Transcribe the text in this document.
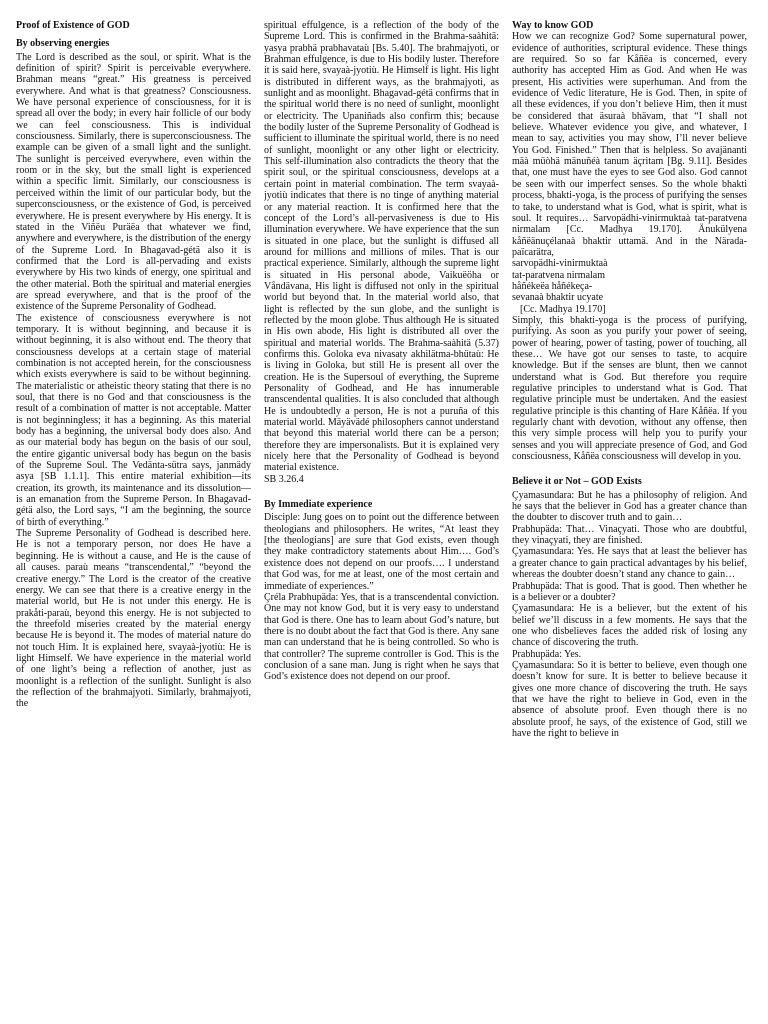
Proof of Existence of GOD
By observing energies

The Lord is described as the soul, or spirit. What is the definition of spirit? Spirit is perceivable everywhere. Brahman means “great.” His greatness is perceived everywhere. And what is that greatness? Consciousness. We have personal experience of consciousness, for it is spread all over the body; in every hair follicle of our body we can feel consciousness. This is individual consciousness. Similarly, there is superconsciousness. The example can be given of a small light and the sunlight. The sunlight is perceived everywhere, even within the room or in the sky, but the small light is experienced within a specific limit. Similarly, our consciousness is perceived within the limit of our particular body, but the superconsciousness, or the existence of God, is perceived everywhere. He is present everywhere by His energy. It is stated in the Viñëu Puräëa that whatever we find, anywhere and everywhere, is the distribution of the energy of the Supreme Lord. In Bhagavad-gétä also it is confirmed that the Lord is all-pervading and exists everywhere by His two kinds of energy, one spiritual and the other material. Both the spiritual and material energies are spread everywhere, and that is the proof of the existence of the Supreme Personality of Godhead.

The existence of consciousness everywhere is not temporary. It is without beginning, and because it is without beginning, it is also without end. The theory that consciousness develops at a certain stage of material combination is not accepted herein, for the consciousness which exists everywhere is said to be without beginning. The materialistic or atheistic theory stating that there is no soul, that there is no God and that consciousness is the result of a combination of matter is not acceptable. Matter is not beginningless; it has a beginning. As this material body has a beginning, the universal body does also. And as our material body has begun on the basis of our soul, the entire gigantic universal body has begun on the basis of the Supreme Soul. The Vedänta-sütra says, janmädy asya [SB 1.1.1]. This entire material exhibition—its creation, its growth, its maintenance and its dissolution—is an emanation from the Supreme Person. In Bhagavad-gétä also, the Lord says, “I am the beginning, the source of birth of everything.”

The Supreme Personality of Godhead is described here. He is not a temporary person, nor does He have a beginning. He is without a cause, and He is the cause of all causes. paraù means “transcendental,” “beyond the creative energy.” The Lord is the creator of the creative energy. We can see that there is a creative energy in the material world, but He is not under this energy. He is prakåti-paraù, beyond this energy. He is not subjected to the threefold miseries created by the material energy because He is beyond it. The modes of material nature do not touch Him. It is explained here, svayaà-jyotiù: He is light Himself. We have experience in the material world of one light’s being a reflection of another, just as moonlight is a reflection of the sunlight. Sunlight is also the reflection of the brahmajyoti. Similarly, brahmajyoti, the

spiritual effulgence, is a reflection of the body of the Supreme Lord. This is confirmed in the Brahma-saàhitä: yasya prabhä prabhavataù [Bs. 5.40]. The brahmajyoti, or Brahman effulgence, is due to His bodily luster. Therefore it is said here, svayaà-jyotiù. He Himself is light. His light is distributed in different ways, as the brahmajyoti, as sunlight and as moonlight. Bhagavad-gétä confirms that in the spiritual world there is no need of sunlight, moonlight or electricity. The Upaniñads also confirm this; because the bodily luster of the Supreme Personality of Godhead is sufficient to illuminate the spiritual world, there is no need of sunlight, moonlight or any other light or electricity. This self-illumination also contradicts the theory that the spirit soul, or the spiritual consciousness, develops at a certain point in material combination. The term svayaà-jyotiù indicates that there is no tinge of anything material or any material reaction. It is confirmed here that the concept of the Lord’s all-pervasiveness is due to His illumination everywhere. We have experience that the sun is situated in one place, but the sunlight is diffused all around for millions and millions of miles. That is our practical experience. Similarly, although the supreme light is situated in His personal abode, Vaikuëöha or Våndävana, His light is diffused not only in the spiritual world but beyond that. In the material world also, that light is reflected by the sun globe, and the sunlight is reflected by the moon globe. Thus although He is situated in His own abode, His light is distributed all over the spiritual and material worlds. The Brahma-saàhitä (5.37) confirms this. Goloka eva nivasaty akhilätma-bhütaù: He is living in Goloka, but still He is present all over the creation. He is the Supersoul of everything, the Supreme Personality of Godhead, and He has innumerable transcendental qualities. It is also concluded that although He is undoubtedly a person, He is not a puruña of this material world. Mäyävädé philosophers cannot understand that beyond this material world there can be a person; therefore they are impersonalists. But it is explained very nicely here that the Personality of Godhead is beyond material existence.

SB 3.26.4

By Immediate experience

Disciple: Jung goes on to point out the difference between theologians and philosophers. He writes, “At least they [the theologians] are sure that God exists, even though they make contradictory statements about Him…. God’s existence does not depend on our proofs…. I understand that God was, for me at least, one of the most certain and immediate of experiences.”

Çréla Prabhupäda: Yes, that is a transcendental conviction. One may not know God, but it is very easy to understand that God is there. One has to learn about God’s nature, but there is no doubt about the fact that God is there. Any sane man can understand that he is being controlled. So who is that controller? The supreme controller is God. This is the conclusion of a sane man. Jung is right when he says that God’s existence does not depend on our proof.

Way to know GOD

How we can recognize God? Some supernatural power, evidence of authorities, scriptural evidence. These things are required. So so far Kåñëa is concerned, every authority has accepted Him as God. And when He was present, His activities were superhuman. And from the evidence of Vedic literature, He is God. Then, in spite of all these evidences, if you don’t believe Him, then it must be considered that äsuraà bhävam, that “I shall not believe. Whatever evidence you give, and whatever, I mean to say, activities you may show, I’ll never believe You God. Finished.” Then that is helpless. So avajänanti mäà müòhä mänuñéà tanum äçritam [Bg. 9.11]. Besides that, one must have the eyes to see God also. God cannot be seen with our imperfect senses. So the whole bhakti process, bhakti-yoga, is the process of purifying the senses to take, to understand what is God, what is spirit, what is soul. It requires… Sarvopädhi-vinirmuktaà tat-paratvena nirmalam [Cc. Madhya 19.170]. Änukülyena kåñëänuçélanaà bhaktir uttamä. And in the Närada-païcarätra,

sarvopädhi-vinirmuktaà

tat-paratvena nirmalam

håñékeëa håñékeça-

sevanaà bhaktir ucyate

[Cc. Madhya 19.170]

Simply, this bhakti-yoga is the process of purifying, purifying. As soon as you purify your power of seeing, power of hearing, power of tasting, power of touching, all these… We have got our senses to taste, to acquire knowledge. But if the senses are blunt, then we cannot understand what is God. But therefore you require regulative principles to understand what is God. That regulative principle must be undertaken. And the easiest regulative principle is this chanting of Hare Kåñëa. If you regularly chant with devotion, without any offense, then this very simple process will help you to purify your senses and you will appreciate presence of God, and God consciousness, Kåñëa consciousness will develop in you.

Believe it or Not – GOD Exists

Çyamasundara: But he has a philosophy of religion. And he says that the believer in God has a greater chance than the doubter to discover truth and to gain…

Prabhupäda: That… Vinaçyati. Those who are doubtful, they vinaçyati, they are finished.

Çyamasundara: Yes. He says that at least the believer has a greater chance to gain practical advantages by his belief, whereas the doubter doesn’t stand any chance to gain…

Prabhupäda: That is good. That is good. Then whether he is a believer or a doubter?

Çyamasundara: He is a believer, but the extent of his belief we’ll discuss in a few moments. He says that the one who disbelieves faces the added risk of losing any chance of discovering the truth.

Prabhupäda: Yes.

Çyamasundara: So it is better to believe, even though one doesn’t know for sure. It is better to believe because it gives one more chance of discovering the truth. He says that we have the right to believe in God, even in the absence of absolute proof. Even though there is no absolute proof, he says, of the existence of God, still we have the right to believe in
